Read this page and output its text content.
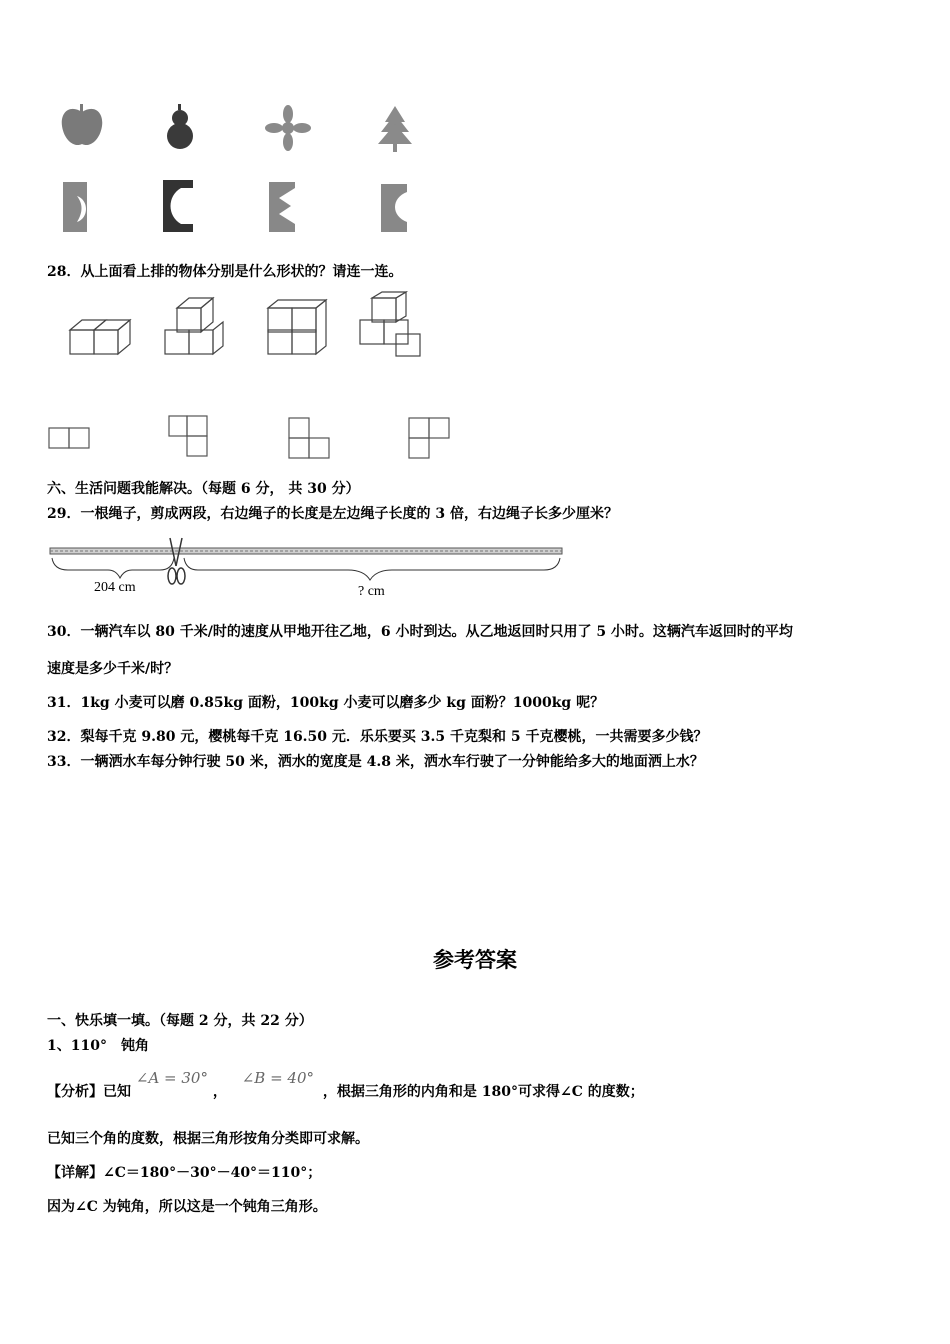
28．从上面看上排的物体分别是什么形状的？请连一连。
六、生活问题我能解决。（每题 6 分， 共 30 分）
29．一根绳子，剪成两段，右边绳子的长度是左边绳子长度的 3 倍，右边绳子长多少厘米？
204 cm	? cm
30．一辆汽车以 80 千米/时的速度从甲地开往乙地，6 小时到达。从乙地返回时只用了 5 小时。这辆汽车返回时的平均
速度是多少千米/时？
31．1kg 小麦可以磨 0.85kg 面粉，100kg 小麦可以磨多少 kg 面粉？1000kg 呢？
32．梨每千克 9.80 元，樱桃每千克 16.50 元．乐乐要买 3.5 千克梨和 5 千克樱桃，一共需要多少钱？
33．一辆洒水车每分钟行驶 50 米，洒水的宽度是 4.8 米，洒水车行驶了一分钟能给多大的地面洒上水？
参考答案
一、快乐填一填。（每题 2 分，共 22 分）
1、110°　钝角
【分析】已知 ∠A = 30° ， ∠B = 40° ，根据三角形的内角和是 180°可求得∠C 的度数；
已知三个角的度数，根据三角形按角分类即可求解。
【详解】∠C＝180°－30°－40°＝110°；
因为∠C 为钝角，所以这是一个钝角三角形。
